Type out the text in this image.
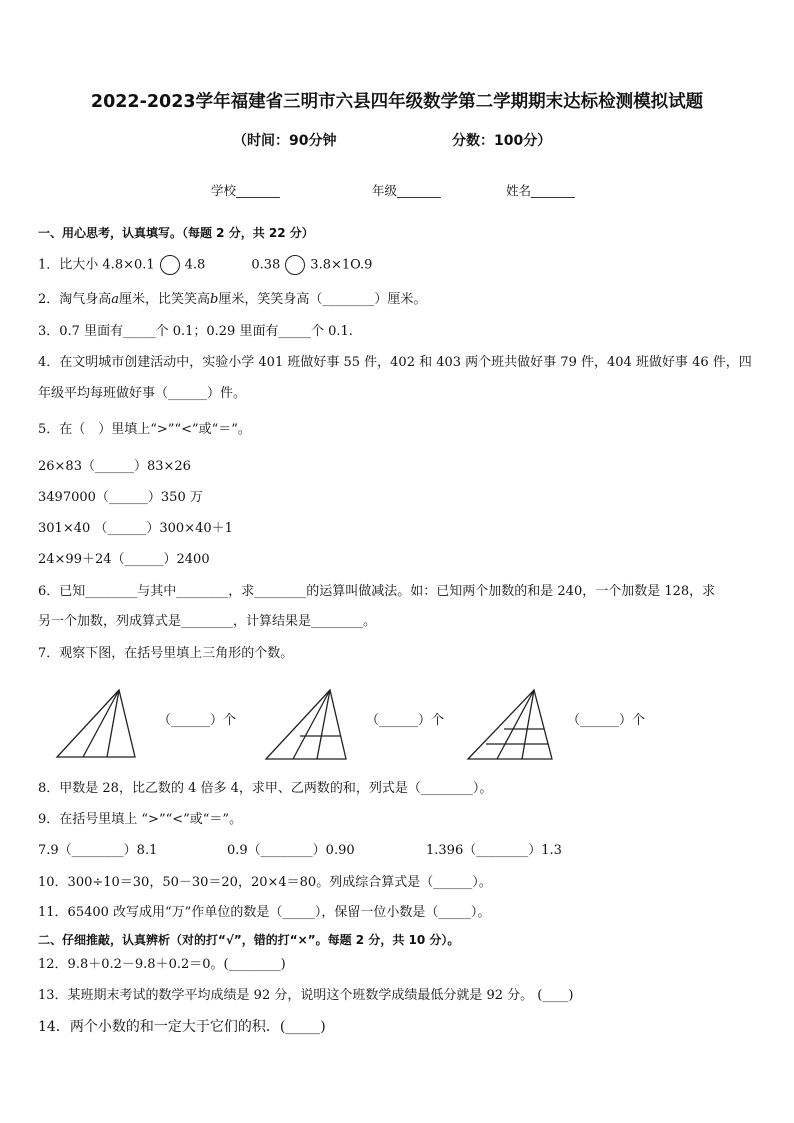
2022-2023学年福建省三明市六县四年级数学第二学期期末达标检测模拟试题
（时间：90分钟	分数：100分）
学校_______	年级_______	姓名_______
一、用心思考，认真填写。（每题 2 分，共 22 分）
1．比大小 4.8×0.1 4.8	0.38 3.8×1O.9
2．淘气身高𝑎厘米，比笑笑高𝑏厘米，笑笑身高（________）厘米。
3．0.7 里面有_____个 0.1；0.29 里面有_____个 0.1.
4．在文明城市创建活动中，实验小学 401 班做好事 55 件，402 和 403 两个班共做好事 79 件，404 班做好事 46 件，四
年级平均每班做好事（______）件。
5．在（　）里填上“>”“<”或“＝”。
26×83（______）83×26
3497000（______）350 万
301×40 （______）300×40＋1
24×99＋24（______）2400
6．已知________与其中________，求________的运算叫做减法。如：已知两个加数的和是 240，一个加数是 128，求
另一个加数，列成算式是________，计算结果是________。
7．观察下图，在括号里填上三角形的个数。
（______）个	（______）个	（______）个
8．甲数是 28，比乙数的 4 倍多 4，求甲、乙两数的和，列式是（________）。
9．在括号里填上 “>”“<”或“＝”。
7.9（________）8.1	0.9（________）0.90	1.396（________）1.3
10．300÷10＝30，50－30＝20，20×4＝80。列成综合算式是（______）。
11．65400 改写成用“万”作单位的数是（_____），保留一位小数是（_____）。
二、仔细推敲，认真辨析（对的打“√”，错的打“×”。每题 2 分，共 10 分）。
12．9.8＋0.2－9.8＋0.2＝0。(________)
13．某班期末考试的数学平均成绩是 92 分，说明这个班数学成绩最低分就是 92 分。 (____)
14．两个小数的和一定大于它们的积．(_____)
